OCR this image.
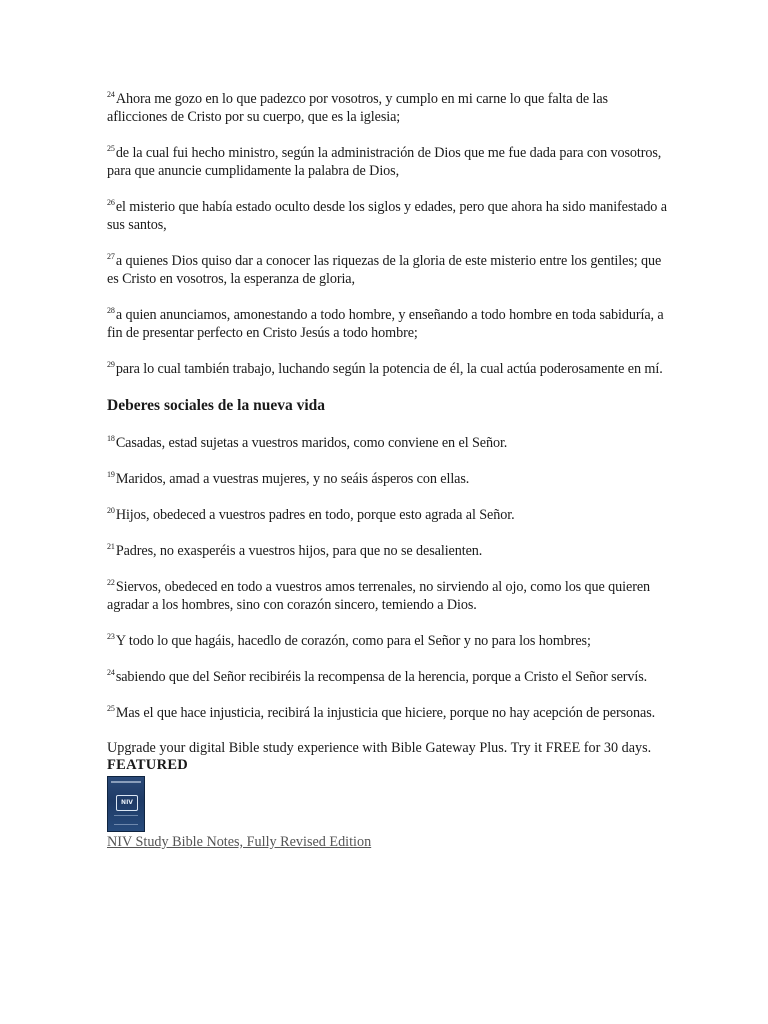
$^{24}$Ahora me gozo en lo que padezco por vosotros, y cumplo en mi carne lo que falta de las aflicciones de Cristo por su cuerpo, que es la iglesia;

$^{25}$de la cual fui hecho ministro, según la administración de Dios que me fue dada para con vosotros, para que anuncie cumplidamente la palabra de Dios,

$^{26}$el misterio que había estado oculto desde los siglos y edades, pero que ahora ha sido manifestado a sus santos,

$^{27}$a quienes Dios quiso dar a conocer las riquezas de la gloria de este misterio entre los gentiles; que es Cristo en vosotros, la esperanza de gloria,

$^{28}$a quien anunciamos, amonestando a todo hombre, y enseñando a todo hombre en toda sabiduría, a fin de presentar perfecto en Cristo Jesús a todo hombre;

$^{29}$para lo cual también trabajo, luchando según la potencia de él, la cual actúa poderosamente en mí.

Deberes sociales de la nueva vida

$^{18}$Casadas, estad sujetas a vuestros maridos, como conviene en el Señor.

$^{19}$Maridos, amad a vuestras mujeres, y no seáis ásperos con ellas.

$^{20}$Hijos, obedeced a vuestros padres en todo, porque esto agrada al Señor.

$^{21}$Padres, no exasperéis a vuestros hijos, para que no se desalienten.

$^{22}$Siervos, obedeced en todo a vuestros amos terrenales, no sirviendo al ojo, como los que quieren agradar a los hombres, sino con corazón sincero, temiendo a Dios.

$^{23}$Y todo lo que hagáis, hacedlo de corazón, como para el Señor y no para los hombres;

$^{24}$sabiendo que del Señor recibiréis la recompensa de la herencia, porque a Cristo el Señor servís.

$^{25}$Mas el que hace injusticia, recibirá la injusticia que hiciere, porque no hay acepción de personas.

Upgrade your digital Bible study experience with Bible Gateway Plus. Try it FREE for 30 days.

FEATURED
NIV
NIV Study Bible Notes, Fully Revised Edition
